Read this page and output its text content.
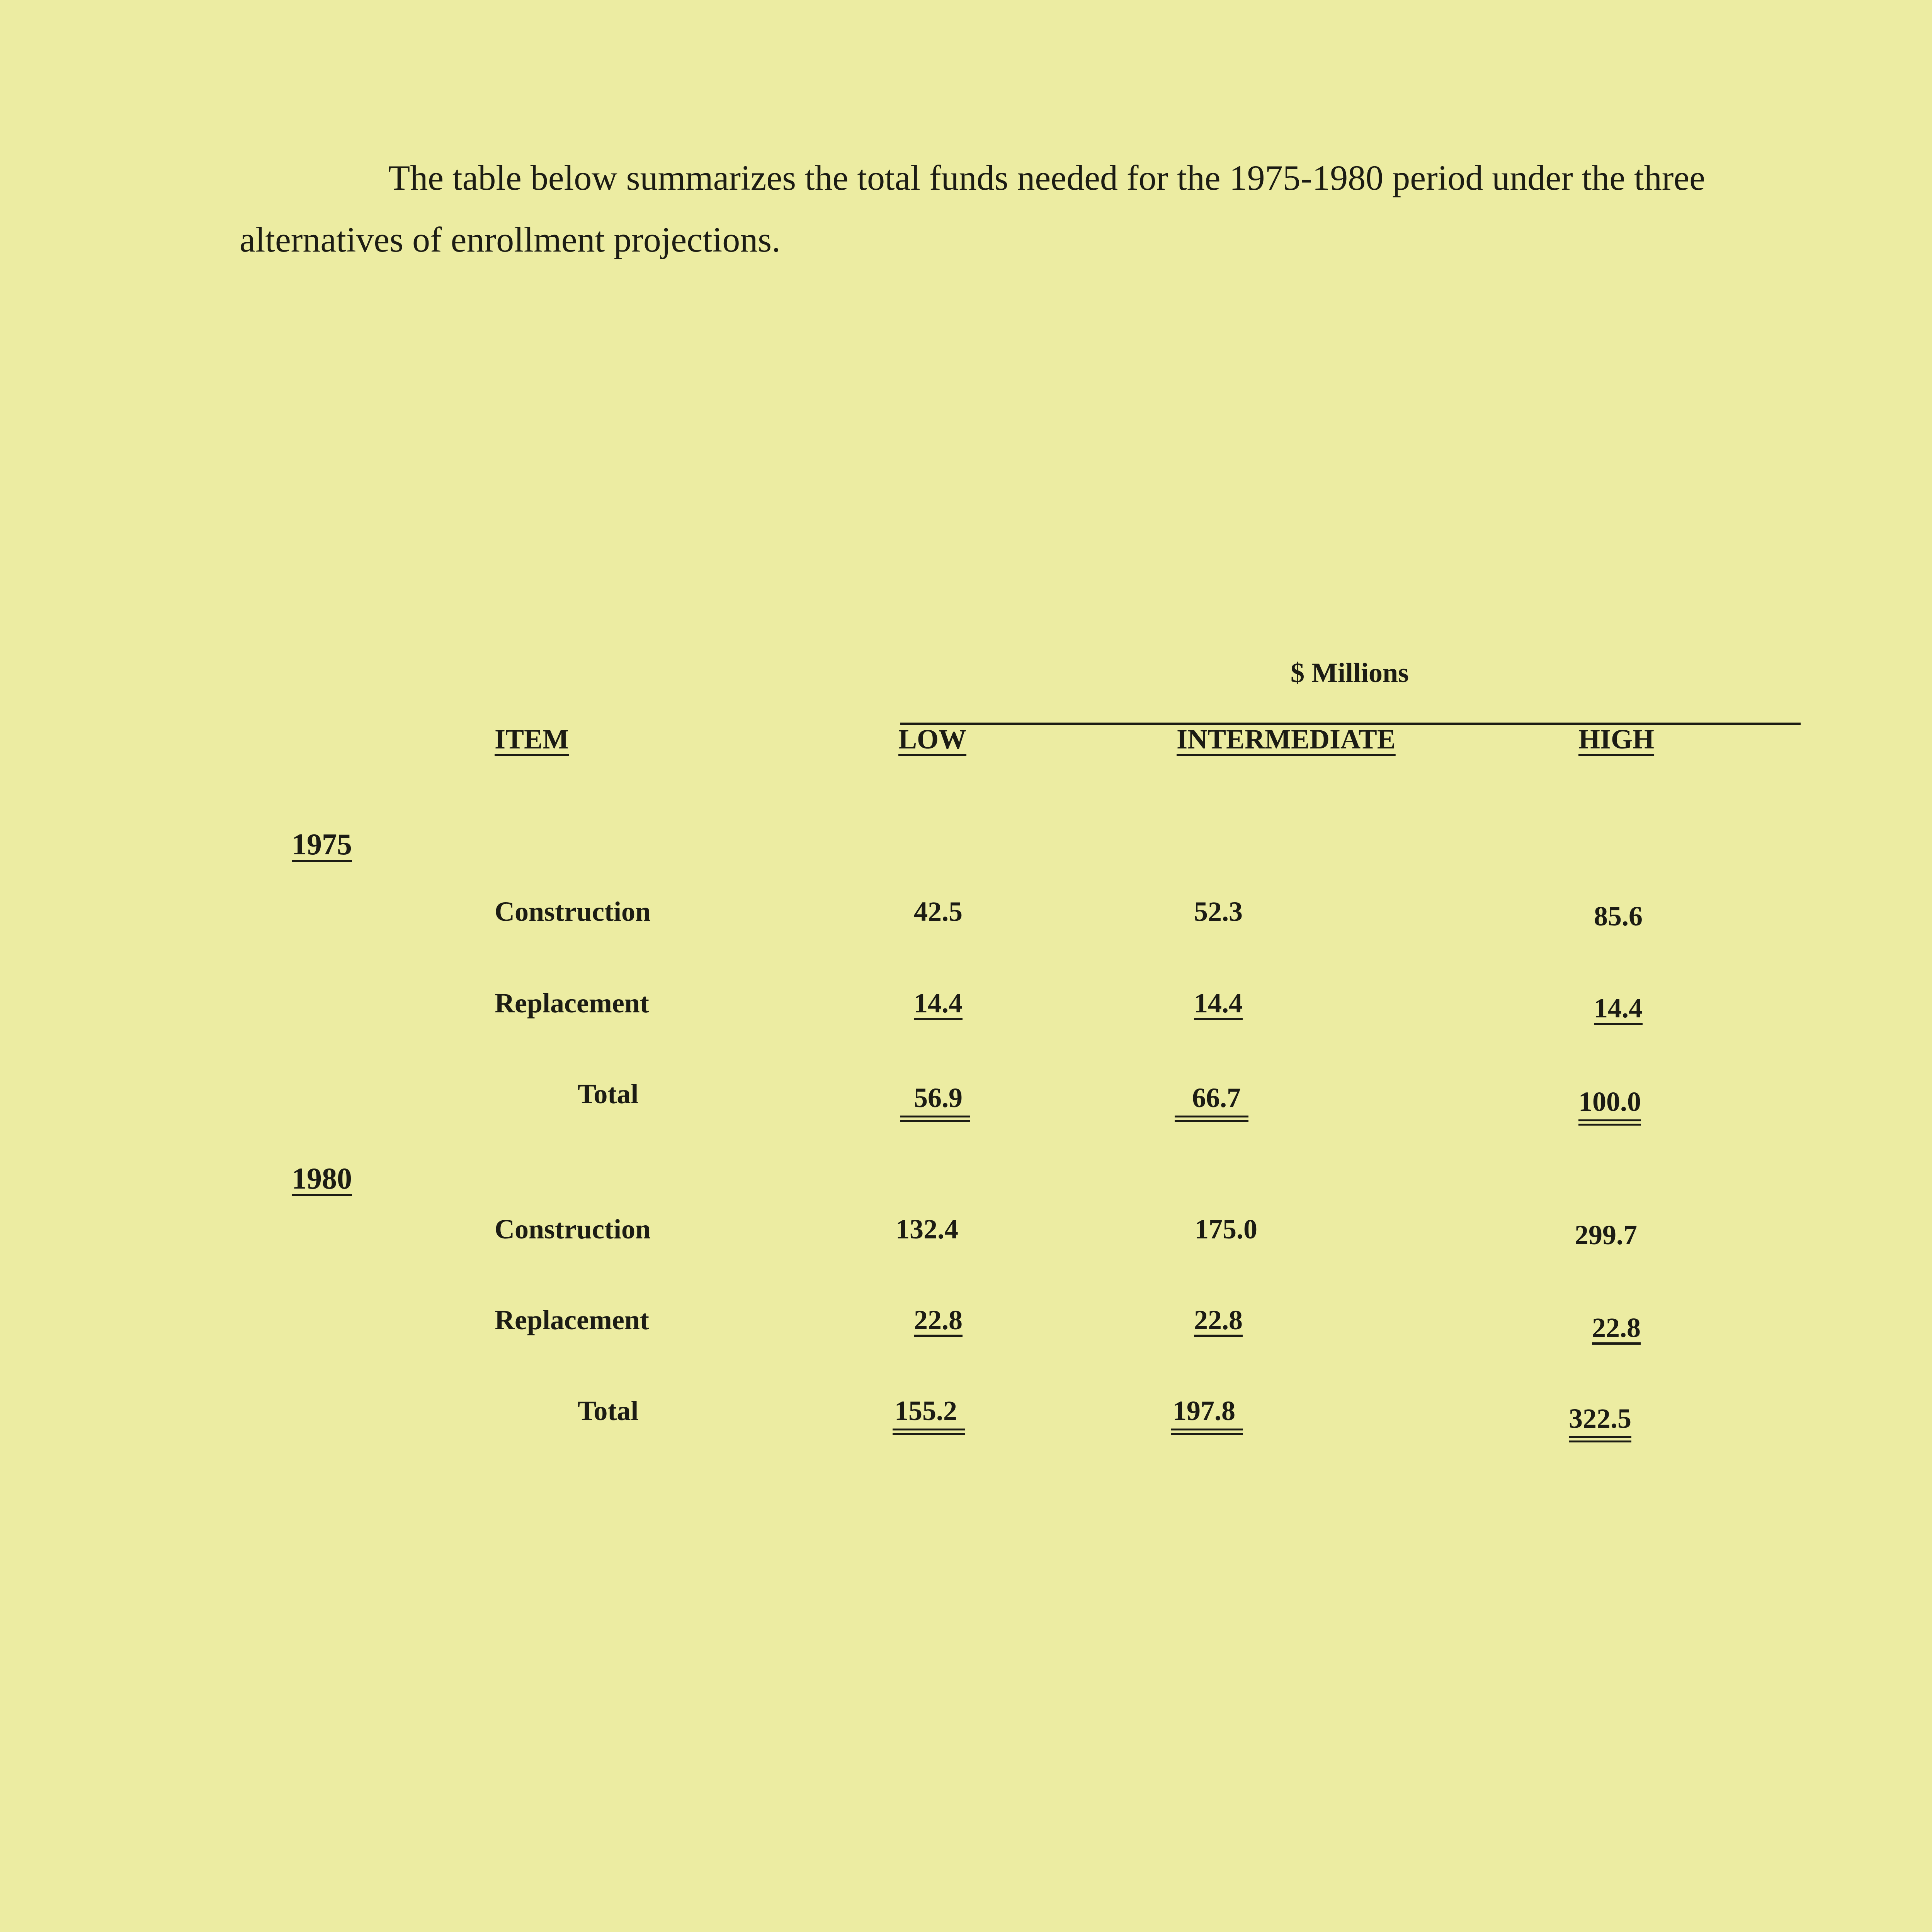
The table below summarizes the total funds needed for the 1975-1980 period under the three alternatives of enrollment projections.

$ Millions
ITEM	LOW	INTERMEDIATE	HIGH
1975
Construction	42.5	52.3	85.6
Replacement	14.4	14.4	14.4
Total	56.9	66.7	100.0
1980
Construction	132.4	175.0	299.7
Replacement	22.8	22.8	22.8
Total	155.2	197.8	322.5
